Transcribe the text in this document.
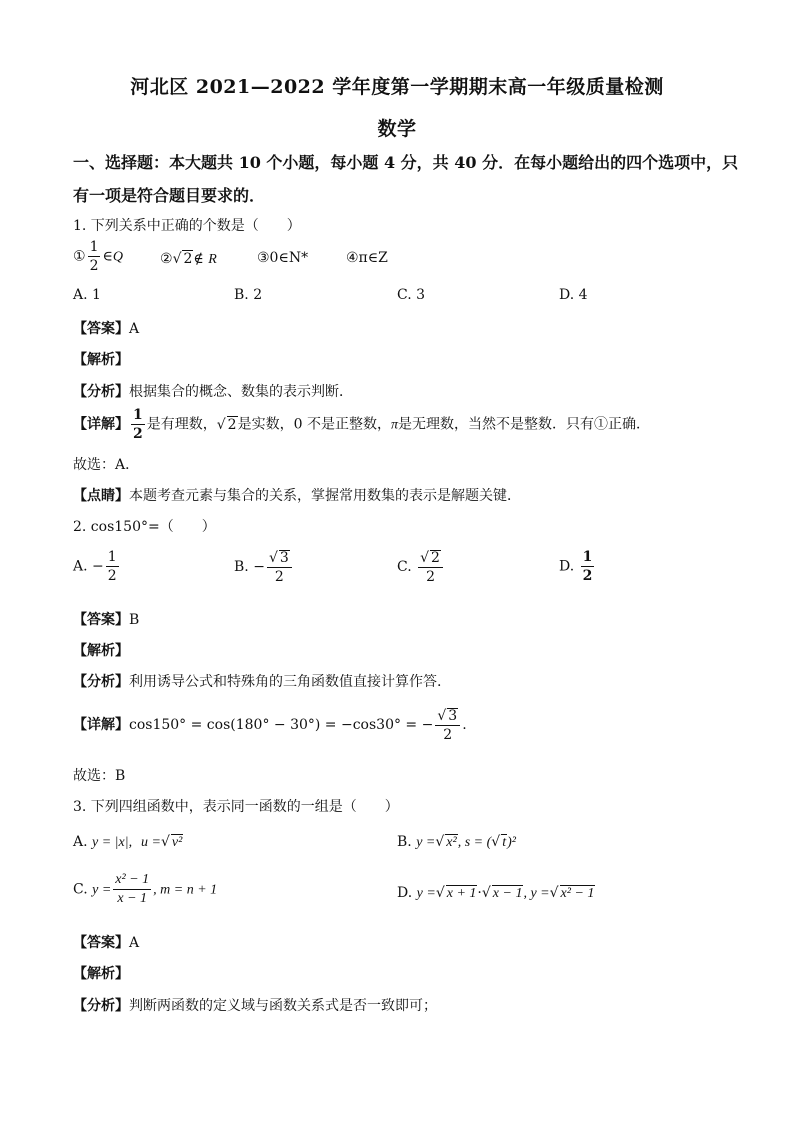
河北区 2021—2022 学年度第一学期期末高一年级质量检测
数学
一、选择题：本大题共 10 个小题，每小题 4 分，共 40 分．在每小题给出的四个选项中，只
有一项是符合题目要求的．
1. 下列关系中正确的个数是（　　）
① $\frac{1}{2}$ ∈Q	②√ 2∉ R	③0∈N*	④π∈Z
A. 1	B. 2	C. 3	D. 4
【答案】A
【解析】
【分析】根据集合的概念、数集的表示判断．
【详解】 $\frac{1}{2}$ 是有理数，√ 2是实数，0 不是正整数，π是无理数，当然不是整数．只有①正确．
故选：A．
【点睛】本题考查元素与集合的关系，掌握常用数集的表示是解题关键．
2. cos150°=（　　）
A. − $\frac{1}{2}$	B. − $\frac{√ 3}{2}$	C. $\frac{√ 2}{2}$	D. $\frac{1}{2}$
【答案】B
【解析】
【分析】利用诱导公式和特殊角的三角函数值直接计算作答.
【详解】cos150° = cos(180° − 30°) = −cos30° = − $\frac{√ 3}{2}$ .
故选：B
3. 下列四组函数中，表示同一函数的一组是（　　）
A. y = |x|, u =√ v²	B. y =√ x², s = (√ t)²
C. $y = \frac{\text{x² − 1}}{x - 1}$ , m = n + 1	D. y =√ x + 1·√ x − 1, y =√ x² − 1
【答案】A
【解析】
【分析】判断两函数的定义域与函数关系式是否一致即可；
